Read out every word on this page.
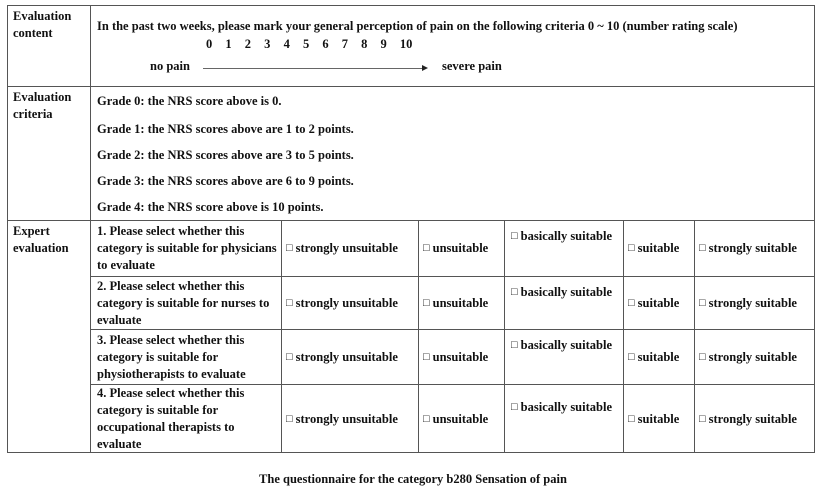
Evaluation content	In the past two weeks, please mark your general perception of pain on the following criteria 0 ~ 10 (number rating scale)
0 1 2 3 4 5 6 7 8 9 10
no pain	severe pain
Evaluation criteria
Grade 0: the NRS score above is 0.
Grade 1: the NRS scores above are 1 to 2 points.
Grade 2: the NRS scores above are 3 to 5 points.
Grade 3: the NRS scores above are 6 to 9 points.
Grade 4: the NRS score above is 10 points.
Expert evaluation
1. Please select whether this category is suitable for physicians to evaluate
□ strongly unsuitable □ unsuitable
□ basically suitable
□ suitable □ strongly suitable
2. Please select whether this category is suitable for nurses to evaluate
□ strongly unsuitable □ unsuitable
□ basically suitable
□ suitable □ strongly suitable
3. Please select whether this category is suitable for physiotherapists to evaluate
□ strongly unsuitable □ unsuitable
□ basically suitable
□ suitable □ strongly suitable
4. Please select whether this category is suitable for occupational therapists to evaluate
□ strongly unsuitable □ unsuitable
□ basically suitable
□ suitable □ strongly suitable
The questionnaire for the category b280 Sensation of pain
